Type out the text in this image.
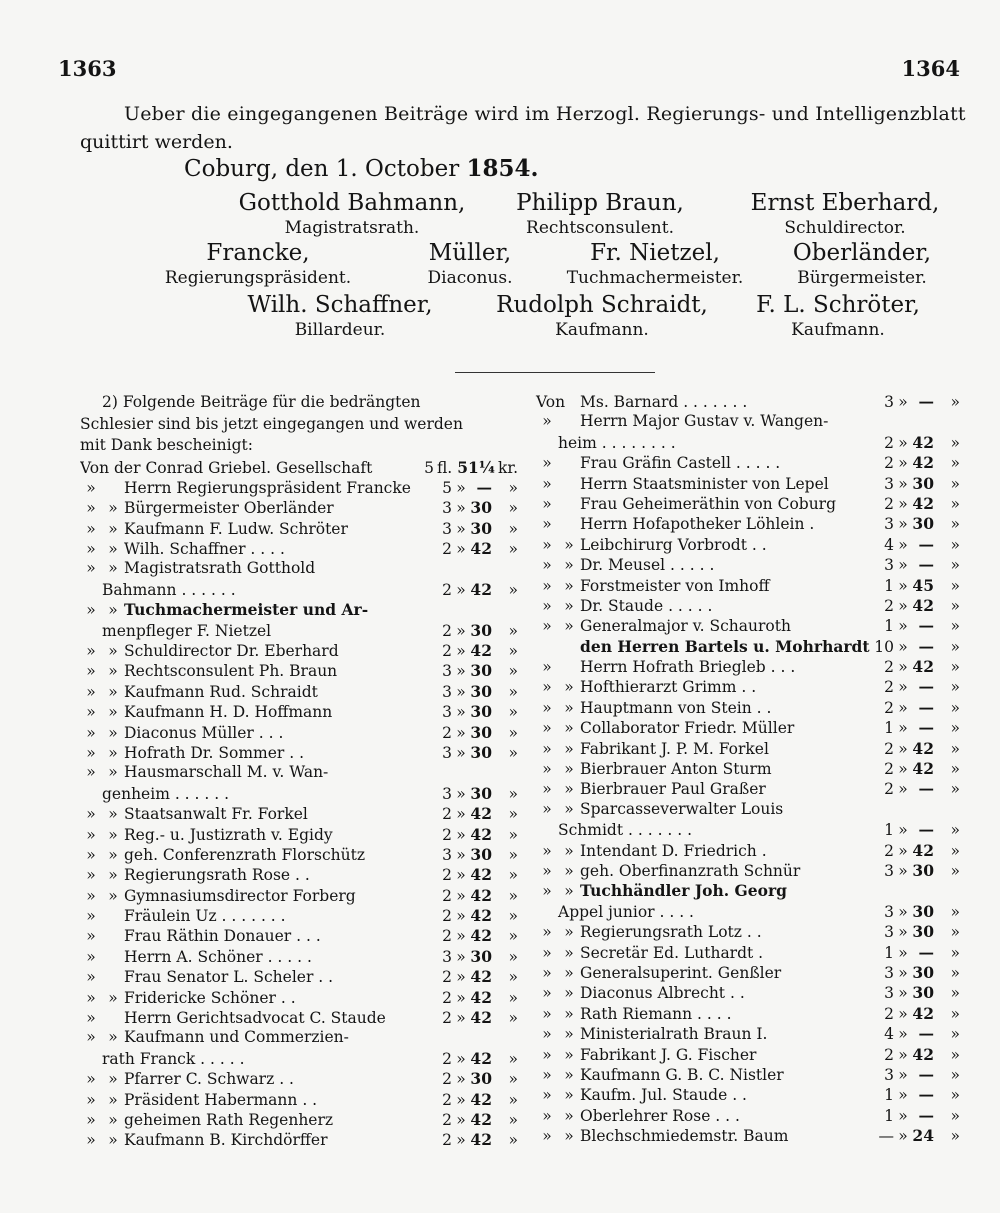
1363	1364
Ueber die eingegangenen Beiträge wird im Herzogl. Regierungs- und Intelligenzblatt
quittirt werden.
Coburg, den 1. October 1854.
Gotthold Bahmann,
Magistratsrath.
Philipp Braun,
Rechtsconsulent.
Ernst Eberhard,
Schuldirector.
Francke,
Regierungspräsident.
Müller,
Diaconus.
Fr. Nietzel,
Tuchmachermeister.
Oberländer,
Bürgermeister.
Wilh. Schaffner,
Billardeur.
Rudolph Schraidt,
Kaufmann.
F. L. Schröter,
Kaufmann.
2) Folgende Beiträge für die bedrängten
Schlesier sind bis jetzt eingegangen und werden
mit Dank bescheinigt:
Von der Conrad Griebel. Gesellschaft	5 fl. 51¼ kr.
»	Herrn Regierungspräsident Francke	5 » —	»
» » Bürgermeister Oberländer	3 » 30	»
» » Kaufmann F. Ludw. Schröter	3 » 30	»
» » Wilh. Schaffner . . . .	2 » 42	»
» » Magistratsrath Gotthold
Bahmann . . . . . .	2 » 42	»
» » Tuchmachermeister und Ar-
menpfleger F. Nietzel	2 » 30	»
» » Schuldirector Dr. Eberhard	2 » 42	»
» » Rechtsconsulent Ph. Braun	3 » 30	»
» » Kaufmann Rud. Schraidt	3 » 30	»
» » Kaufmann H. D. Hoffmann	3 » 30	»
» » Diaconus Müller . . .	2 » 30	»
» » Hofrath Dr. Sommer . .	3 » 30	»
» » Hausmarschall M. v. Wan-
genheim . . . . . .	3 » 30	»
» » Staatsanwalt Fr. Forkel	2 » 42	»
» » Reg.- u. Justizrath v. Egidy	2 » 42	»
» » geh. Conferenzrath Florschütz	3 » 30	»
» » Regierungsrath Rose . .	2 » 42	»
» » Gymnasiumsdirector Forberg	2 » 42	»
»	Fräulein Uz . . . . . . .	2 » 42	»
»	Frau Räthin Donauer . . .	2 » 42	»
»	Herrn A. Schöner . . . . .	3 » 30	»
»	Frau Senator L. Scheler . .	2 » 42	»
» » Fridericke Schöner . .	2 » 42	»
»	Herrn Gerichtsadvocat C. Staude	2 » 42	»
» » Kaufmann und Commerzien-
rath Franck . . . . .	2 » 42	»
» » Pfarrer C. Schwarz . .	2 » 30	»
» » Präsident Habermann . .	2 » 42	»
» » geheimen Rath Regenherz	2 » 42	»
» » Kaufmann B. Kirchdörffer	2 » 42	»
Von Ms. Barnard . . . . . . .	3 » —	»
»	Herrn Major Gustav v. Wangen-
heim . . . . . . . .	2 » 42	»
»	Frau Gräfin Castell . . . . .	2 » 42	»
»	Herrn Staatsminister von Lepel	3 » 30	»
»	Frau Geheimeräthin von Coburg	2 » 42	»
»	Herrn Hofapotheker Löhlein .	3 » 30	»
» » Leibchirurg Vorbrodt . .	4 » —	»
» » Dr. Meusel . . . . .	3 » —	»
» » Forstmeister von Imhoff	1 » 45	»
» » Dr. Staude . . . . .	2 » 42	»
» » Generalmajor v. Schauroth	1 » —	»
den Herren Bartels u. Mohrhardt 10 » —	»
»	Herrn Hofrath Briegleb . . .	2 » 42	»
» » Hofthierarzt Grimm . .	2 » —	»
» » Hauptmann von Stein . .	2 » —	»
» » Collaborator Friedr. Müller	1 » —	»
» » Fabrikant J. P. M. Forkel	2 » 42	»
» » Bierbrauer Anton Sturm	2 » 42	»
» » Bierbrauer Paul Graßer	2 » —	»
» » Sparcasseverwalter Louis
Schmidt . . . . . . .	1 » —	»
» » Intendant D. Friedrich .	2 » 42	»
» » geh. Oberfinanzrath Schnür	3 » 30	»
» » Tuchhändler Joh. Georg
Appel junior . . . .	3 » 30	»
» » Regierungsrath Lotz . .	3 » 30	»
» » Secretär Ed. Luthardt .	1 » —	»
» » Generalsuperint. Genßler	3 » 30	»
» » Diaconus Albrecht . .	3 » 30	»
» » Rath Riemann . . . .	2 » 42	»
» » Ministerialrath Braun I.	4 » —	»
» » Fabrikant J. G. Fischer	2 » 42	»
» » Kaufmann G. B. C. Nistler	3 » —	»
» » Kaufm. Jul. Staude . .	1 » —	»
» » Oberlehrer Rose . . .	1 » —	»
» » Blechschmiedemstr. Baum	— » 24	»
